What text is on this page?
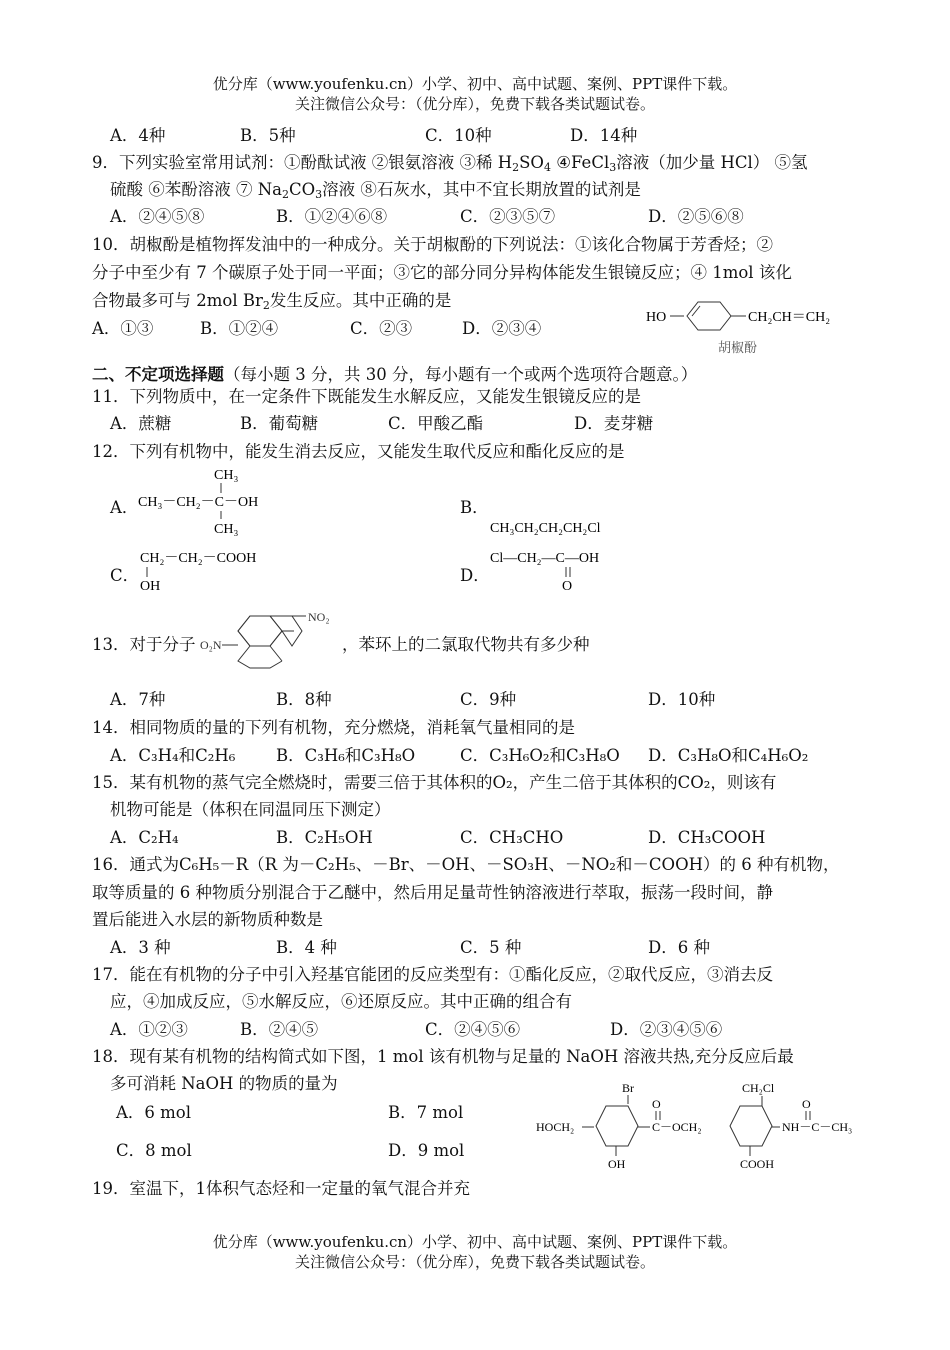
优分库（www.youfenku.cn）小学、初中、高中试题、案例、PPT课件下载。
关注微信公众号：（优分库），免费下载各类试题试卷。
A．4种	B．5种	C．10种	D．14种
9．下列实验室常用试剂：①酚酞试液 ②银氨溶液 ③稀 $H_2SO_4$ ④FeCl$_3$溶液（加少量 HCl） ⑤氢
硫酸 ⑥苯酚溶液 ⑦ $Na_2CO_3$溶液 ⑧石灰水，其中不宜长期放置的试剂是
A．②④⑤⑧	B．①②④⑥⑧	C．②③⑤⑦	D．②⑤⑥⑧
10．胡椒酚是植物挥发油中的一种成分。关于胡椒酚的下列说法：①该化合物属于芳香烃；②
分子中至少有 7 个碳原子处于同一平面；③它的部分同分异构体能发生银镜反应；④ 1mol 该化
合物最多可与 2mol $Br_2$发生反应。其中正确的是
A．①③	B．①②④	C．②③	D．②③④
HO	CH₂CH＝CH₂
胡椒酚
二、不定项选择题（每小题 3 分，共 30 分，每小题有一个或两个选项符合题意。）
11．下列物质中，在一定条件下既能发生水解反应，又能发生银镜反应的是
A．蔗糖	B．葡萄糖	C．甲酸乙酯	D．麦芽糖
12．下列有机物中，能发生消去反应，又能发生取代反应和酯化反应的是
A．
CH₃
CH₃－CH₂－C－OH
CH₃
B．
CH₃CH₂CH₂CH₂Cl
C．
CH₂－CH₂－COOH
OH
D．
Cl—CH₂—C—OH
O
13．对于分子 O₂N
NO₂
，苯环上的二氯取代物共有多少种
A．7种	B．8种	C．9种	D．10种
14．相同物质的量的下列有机物，充分燃烧，消耗氧气量相同的是
A．C₃H₄和C₂H₆ B．C₃H₆和C₃H₈O	C．C₃H₆O₂和C₃H₈O D．C₃H₈O和C₄H₆O₂
15．某有机物的蒸气完全燃烧时，需要三倍于其体积的O₂，产生二倍于其体积的CO₂，则该有
机物可能是（体积在同温同压下测定）
A．C₂H₄	B．C₂H₅OH	C．CH₃CHO	D．CH₃COOH
16．通式为C₆H₅－R（R 为－C₂H₅、－Br、－OH、－SO₃H、－NO₂和－COOH）的 6 种有机物，
取等质量的 6 种物质分别混合于乙醚中，然后用足量苛性钠溶液进行萃取，振荡一段时间，静
置后能进入水层的新物质种数是
A．3 种	B．4 种	C．5 种	D．6 种
17．能在有机物的分子中引入羟基官能团的反应类型有：①酯化反应，②取代反应，③消去反
应，④加成反应，⑤水解反应，⑥还原反应。其中正确的组合有
A．①②③	B．②④⑤	C．②④⑤⑥	D．②③④⑤⑥
18．现有某有机物的结构简式如下图，1 mol 该有机物与足量的 NaOH 溶液共热,充分反应后最
多可消耗 NaOH 的物质的量为
A．6 mol	B．7 mol
C．8 mol	D．9 mol
Br
HOCH₂
OH
O
C－OCH₂
CH₂Cl
O
NH－C－CH₃
COOH
19．室温下，1体积气态烃和一定量的氧气混合并充
优分库（www.youfenku.cn）小学、初中、高中试题、案例、PPT课件下载。
关注微信公众号：（优分库），免费下载各类试题试卷。
